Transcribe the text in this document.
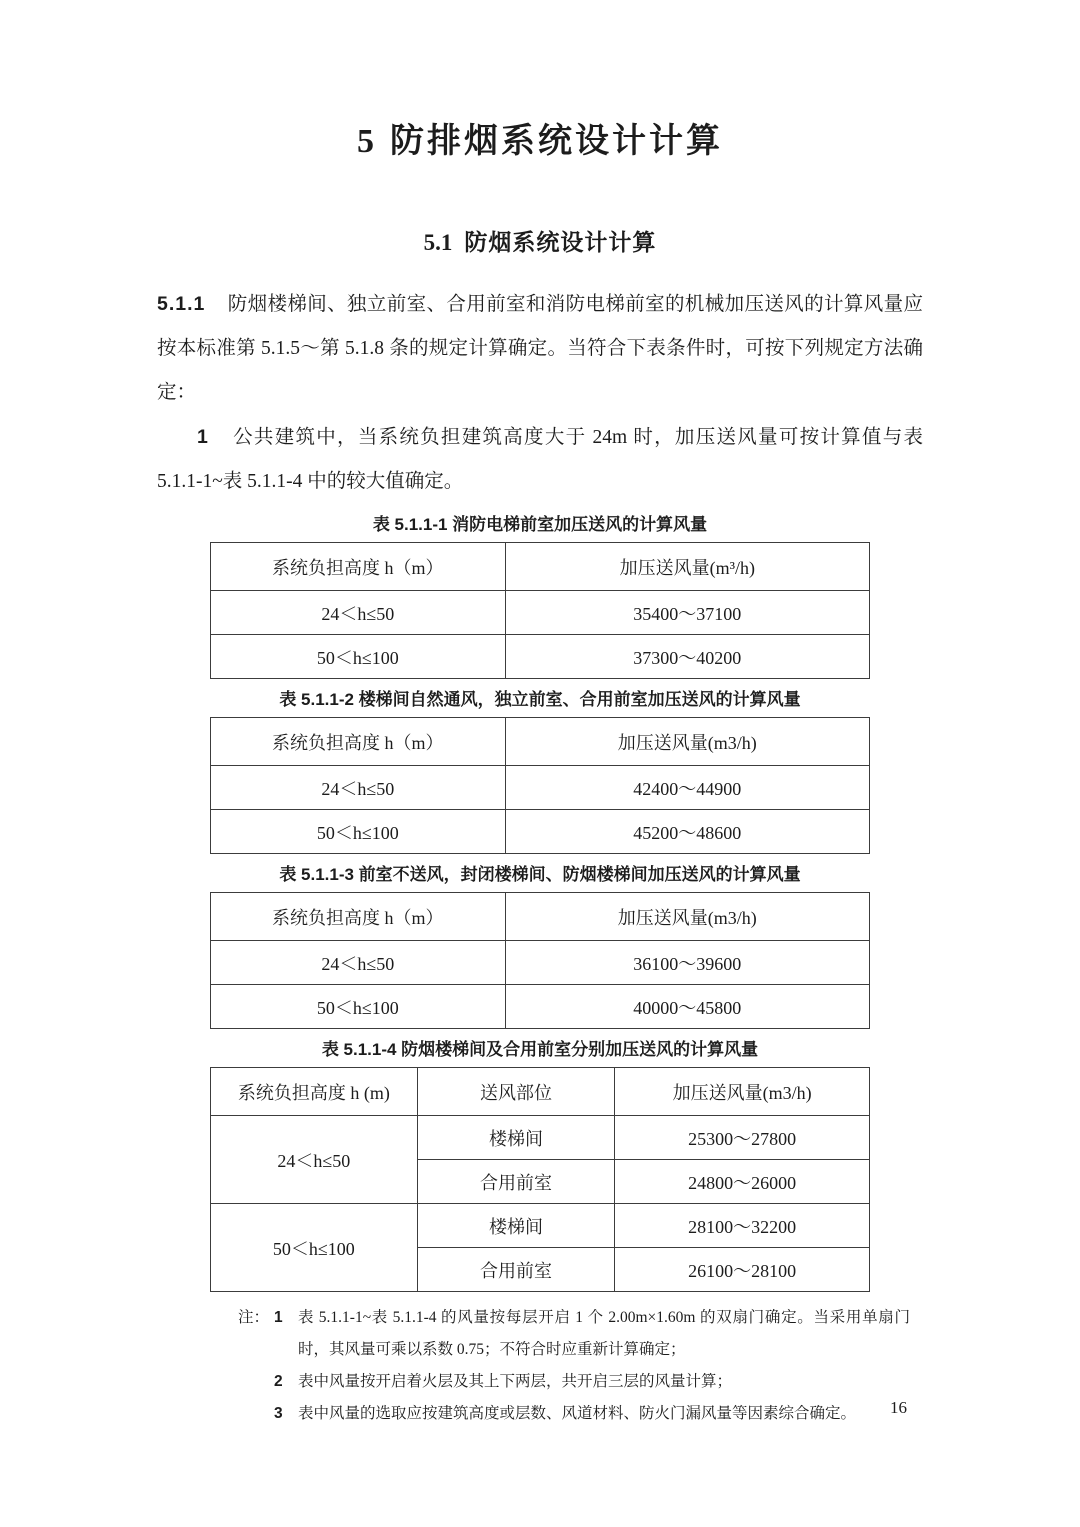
5 防排烟系统设计计算
5.1 防烟系统设计计算

5.1.1 防烟楼梯间、独立前室、合用前室和消防电梯前室的机械加压送风的计算风量应按本标准第 5.1.5～第 5.1.8 条的规定计算确定。当符合下表条件时，可按下列规定方法确定：

1 公共建筑中，当系统负担建筑高度大于 24m 时，加压送风量可按计算值与表 5.1.1-1~表 5.1.1-4 中的较大值确定。

表 5.1.1-1 消防电梯前室加压送风的计算风量
系统负担高度 h（m）	加压送风量(m³/h)
24＜h≤50	35400～37100
50＜h≤100	37300～40200
表 5.1.1-2 楼梯间自然通风，独立前室、合用前室加压送风的计算风量
系统负担高度 h（m）	加压送风量(m3/h)
24＜h≤50	42400～44900
50＜h≤100	45200～48600
表 5.1.1-3 前室不送风，封闭楼梯间、防烟楼梯间加压送风的计算风量
系统负担高度 h（m）	加压送风量(m3/h)
24＜h≤50	36100～39600
50＜h≤100	40000～45800
表 5.1.1-4 防烟楼梯间及合用前室分别加压送风的计算风量
系统负担高度 h (m)	送风部位	加压送风量(m3/h)
24＜h≤50	楼梯间	25300～27800
	合用前室	24800～26000
50＜h≤100	楼梯间	28100～32200
	合用前室	26100～28100
注： 1 表 5.1.1-1~表 5.1.1-4 的风量按每层开启 1 个 2.00m×1.60m 的双扇门确定。当采用单扇门时，其风量可乘以系数 0.75；不符合时应重新计算确定；
2 表中风量按开启着火层及其上下两层，共开启三层的风量计算；
3 表中风量的选取应按建筑高度或层数、风道材料、防火门漏风量等因素综合确定。	16
